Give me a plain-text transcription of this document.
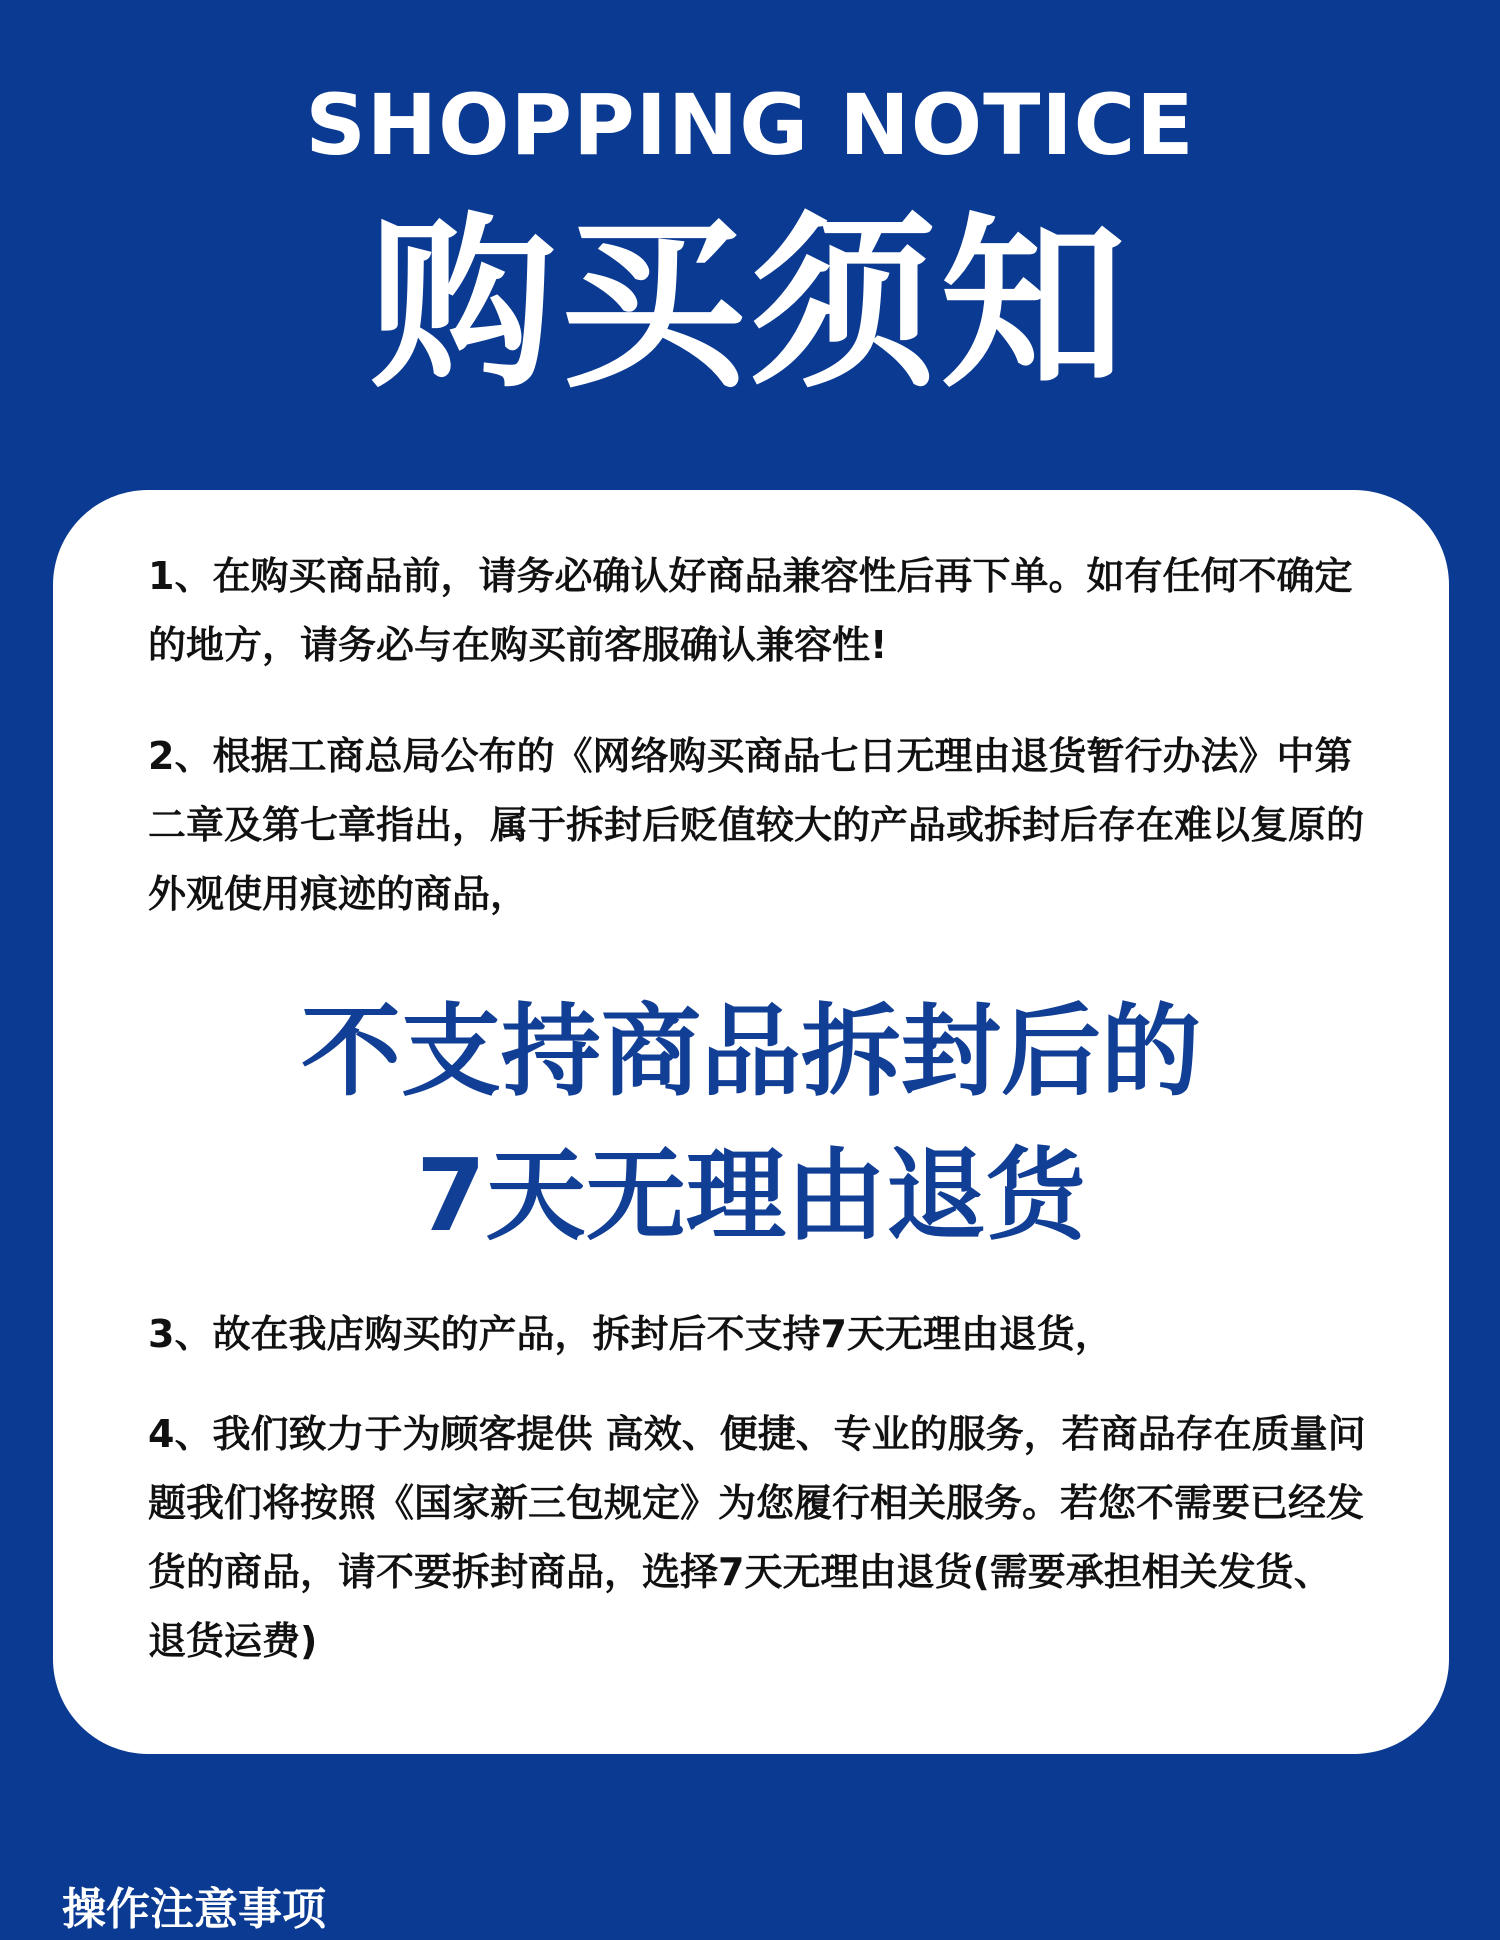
SHOPPING NOTICE
购买须知

1、在购买商品前，请务必确认好商品兼容性后再下单。如有任何不确定的地方，请务必与在购买前客服确认兼容性!

2、根据工商总局公布的《网络购买商品七日无理由退货暂行办法》中第二章及第七章指出，属于拆封后贬值较大的产品或拆封后存在难以复原的外观使用痕迹的商品，

不支持商品拆封后的
7天无理由退货

3、故在我店购买的产品，拆封后不支持7天无理由退货，

4、我们致力于为顾客提供 高效、便捷、专业的服务，若商品存在质量问题我们将按照《国家新三包规定》为您履行相关服务。若您不需要已经发货的商品，请不要拆封商品，选择7天无理由退货(需要承担相关发货、退货运费)

操作注意事项
